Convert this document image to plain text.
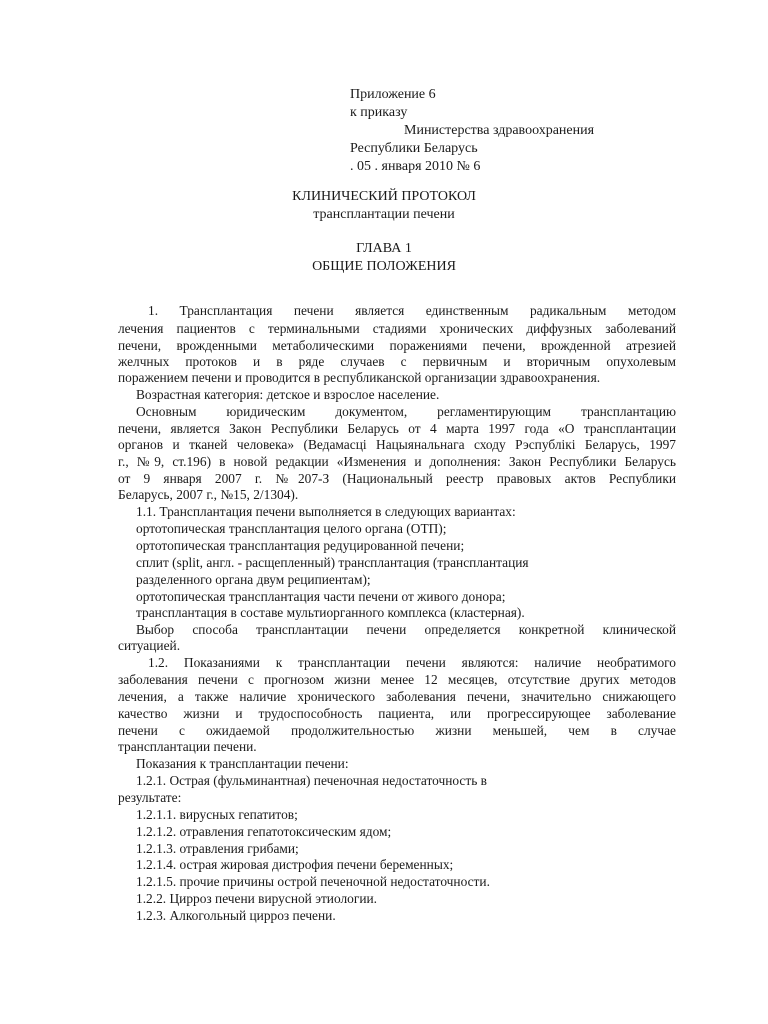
Приложение 6
к приказу
Министерства здравоохранения
Республики Беларусь
. 05 . января 2010 № 6
КЛИНИЧЕСКИЙ ПРОТОКОЛ
трансплантации печени
ГЛАВА 1
ОБЩИЕ ПОЛОЖЕНИЯ
1. Трансплантация печени является единственным радикальным методом
лечения пациентов с терминальными стадиями хронических диффузных заболеваний
печени, врожденными метаболическими поражениями печени, врожденной атрезией
желчных протоков и в ряде случаев с первичным и вторичным опухолевым
поражением печени и проводится в республиканской организации здравоохранения.
Возрастная категория: детское и взрослое население.
Основным юридическим документом, регламентирующим трансплантацию
печени, является Закон Республики Беларусь от 4 марта 1997 года «О трансплантации
органов и тканей человека» (Ведамасці Нацыянальнага сходу Рэспублікі Беларусь, 1997
г., №9, ст.196) в новой редакции «Изменения и дополнения: Закон Республики Беларусь
от 9 января 2007 г. №207-З (Национальный реестр правовых актов Республики
Беларусь, 2007 г., №15, 2/1304).
1.1. Трансплантация печени выполняется в следующих вариантах:
ортотопическая трансплантация целого органа (ОТП);
ортотопическая трансплантация редуцированной печени;
сплит (split, англ. - расщепленный) трансплантация (трансплантация
разделенного органа двум реципиентам);
ортотопическая трансплантация части печени от живого донора;
трансплантация в составе мультиорганного комплекса (кластерная).
Выбор способа трансплантации печени определяется конкретной клинической
ситуацией.
1.2. Показаниями к трансплантации печени являются: наличие необратимого
заболевания печени с прогнозом жизни менее 12 месяцев, отсутствие других методов
лечения, а также наличие хронического заболевания печени, значительно снижающего
качество жизни и трудоспособность пациента, или прогрессирующее заболевание
печени с ожидаемой продолжительностью жизни меньшей, чем в случае
трансплантации печени.
Показания к трансплантации печени:
1.2.1. Острая (фульминантная) печеночная недостаточность в
результате:
1.2.1.1. вирусных гепатитов;
1.2.1.2. отравления гепатотоксическим ядом;
1.2.1.3. отравления грибами;
1.2.1.4. острая жировая дистрофия печени беременных;
1.2.1.5. прочие причины острой печеночной недостаточности.
1.2.2. Цирроз печени вирусной этиологии.
1.2.3. Алкогольный цирроз печени.
